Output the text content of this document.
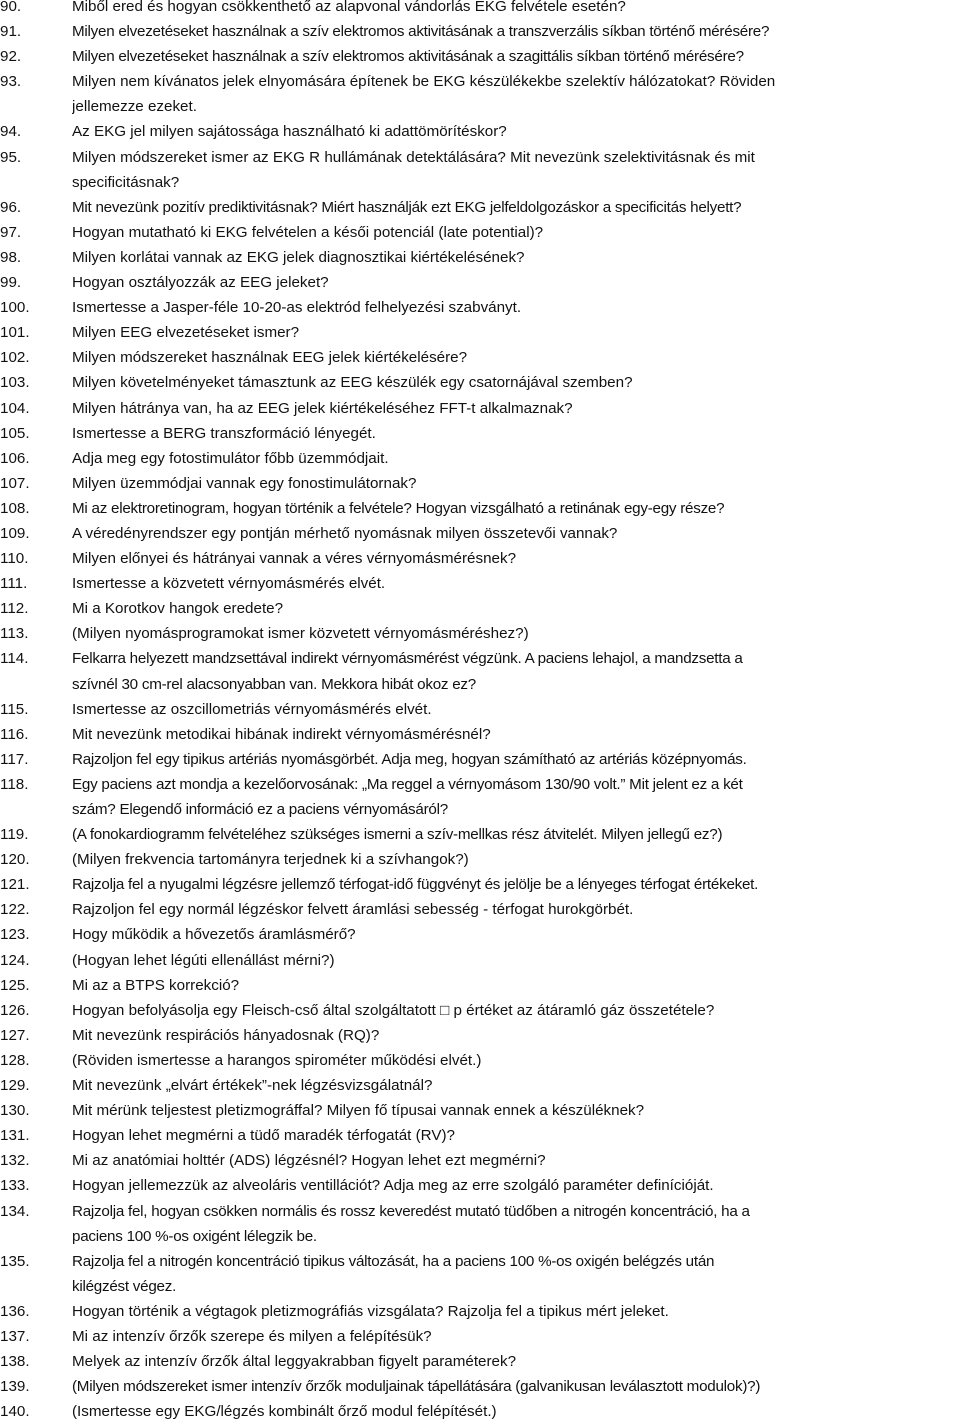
90.	Miből ered és hogyan csökkenthető az alapvonal vándorlás EKG felvétele esetén?
91.	Milyen elvezetéseket használnak a szív elektromos aktivitásának a transzverzális síkban történő mérésére?
92.	Milyen elvezetéseket használnak a szív elektromos aktivitásának a szagittális síkban történő mérésére?
93.	Milyen nem kívánatos jelek elnyomására építenek be EKG készülékekbe szelektív hálózatokat? Röviden
jellemezze ezeket.
94.	Az EKG jel milyen sajátossága használható ki adattömörítéskor?
95.	Milyen módszereket ismer az EKG R hullámának detektálására? Mit nevezünk szelektivitásnak és mit
specificitásnak?
96.	Mit nevezünk pozitív prediktivitásnak? Miért használják ezt EKG jelfeldolgozáskor a specificitás helyett?
97.	Hogyan mutatható ki EKG felvételen a késői potenciál (late potential)?
98.	Milyen korlátai vannak az EKG jelek diagnosztikai kiértékelésének?
99.	Hogyan osztályozzák az EEG jeleket?
100.	Ismertesse a Jasper-féle 10-20-as elektród felhelyezési szabványt.
101.	Milyen EEG elvezetéseket ismer?
102.	Milyen módszereket használnak EEG jelek kiértékelésére?
103.	Milyen követelményeket támasztunk az EEG készülék egy csatornájával szemben?
104.	Milyen hátránya van, ha az EEG jelek kiértékeléséhez FFT-t alkalmaznak?
105.	Ismertesse a BERG transzformáció lényegét.
106.	Adja meg egy fotostimulátor főbb üzemmódjait.
107.	Milyen üzemmódjai vannak egy fonostimulátornak?
108.	Mi az elektroretinogram, hogyan történik a felvétele? Hogyan vizsgálható a retinának egy-egy része?
109.	A véredényrendszer egy pontján mérhető nyomásnak milyen összetevői vannak?
110.	Milyen előnyei és hátrányai vannak a véres vérnyomásmérésnek?
111.	Ismertesse a közvetett vérnyomásmérés elvét.
112.	Mi a Korotkov hangok eredete?
113.	(Milyen nyomásprogramokat ismer közvetett vérnyomásméréshez?)
114.	Felkarra helyezett mandzsettával indirekt vérnyomásmérést végzünk. A paciens lehajol, a mandzsetta a
szívnél 30 cm-rel alacsonyabban van. Mekkora hibát okoz ez?
115.	Ismertesse az oszcillometriás vérnyomásmérés elvét.
116.	Mit nevezünk metodikai hibának indirekt vérnyomásmérésnél?
117.	Rajzoljon fel egy tipikus artériás nyomásgörbét. Adja meg, hogyan számítható az artériás középnyomás.
118.	Egy paciens azt mondja a kezelőorvosának: „Ma reggel a vérnyomásom 130/90 volt.” Mit jelent ez a két
szám? Elegendő információ ez a paciens vérnyomásáról?
119.	(A fonokardiogramm felvételéhez szükséges ismerni a szív-mellkas rész átvitelét. Milyen jellegű ez?)
120.	(Milyen frekvencia tartományra terjednek ki a szívhangok?)
121.	Rajzolja fel a nyugalmi légzésre jellemző térfogat-idő függvényt és jelölje be a lényeges térfogat értékeket.
122.	Rajzoljon fel egy normál légzéskor felvett áramlási sebesség - térfogat hurokgörbét.
123.	Hogy működik a hővezetős áramlásmérő?
124.	(Hogyan lehet légúti ellenállást mérni?)
125.	Mi az a BTPS korrekció?
126.	Hogyan befolyásolja egy Fleisch-cső által szolgáltatott □ p értéket az átáramló gáz összetétele?
127.	Mit nevezünk respirációs hányadosnak (RQ)?
128.	(Röviden ismertesse a harangos spirométer működési elvét.)
129.	Mit nevezünk „elvárt értékek”-nek légzésvizsgálatnál?
130.	Mit mérünk teljestest pletizmográffal? Milyen fő típusai vannak ennek a készüléknek?
131.	Hogyan lehet megmérni a tüdő maradék térfogatát (RV)?
132.	Mi az anatómiai holttér (ADS) légzésnél? Hogyan lehet ezt megmérni?
133.	Hogyan jellemezzük az alveoláris ventillációt? Adja meg az erre szolgáló paraméter definícióját.
134.	Rajzolja fel, hogyan csökken normális és rossz keveredést mutató tüdőben a nitrogén koncentráció, ha a
paciens 100 %-os oxigént lélegzik be.
135.	Rajzolja fel a nitrogén koncentráció tipikus változását, ha a paciens 100 %-os oxigén belégzés után
kilégzést végez.
136.	Hogyan történik a végtagok pletizmográfiás vizsgálata? Rajzolja fel a tipikus mért jeleket.
137.	Mi az intenzív őrzők szerepe és milyen a felépítésük?
138.	Melyek az intenzív őrzők által leggyakrabban figyelt paraméterek?
139.	(Milyen módszereket ismer intenzív őrzők moduljainak tápellátására (galvanikusan leválasztott modulok)?)
140.	(Ismertesse egy EKG/légzés kombinált őrző modul felépítését.)
